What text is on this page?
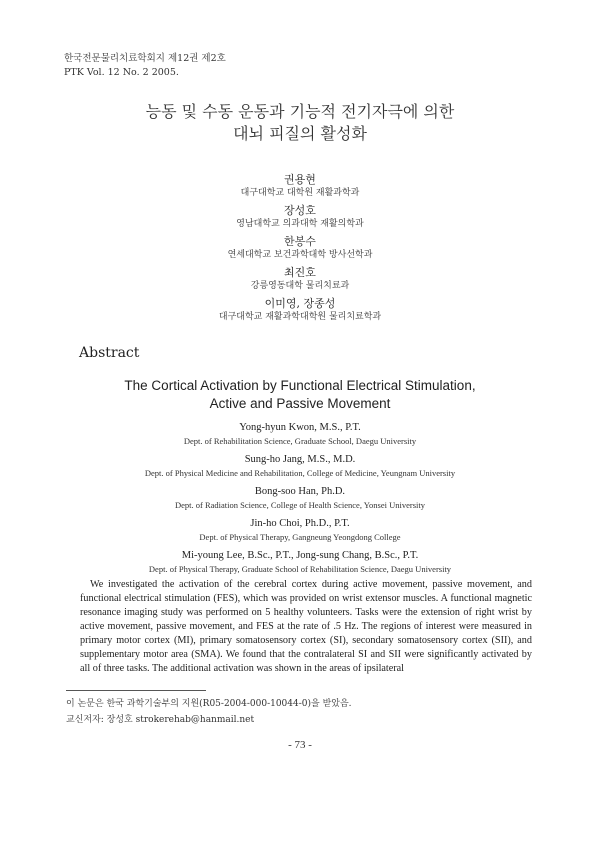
한국전문물리치료학회지 제12권 제2호
PTK Vol. 12 No. 2 2005.
능동 및 수동 운동과 기능적 전기자극에 의한
대뇌 피질의 활성화
권용현
대구대학교 대학원 재활과학과
장성호
영남대학교 의과대학 재활의학과
한봉수
연세대학교 보건과학대학 방사선학과
최진호
강릉영동대학 물리치료과
이미영, 장종성
대구대학교 재활과학대학원 물리치료학과
Abstract
The Cortical Activation by Functional Electrical Stimulation,
Active and Passive Movement
Yong-hyun Kwon, M.S., P.T.
Dept. of Rehabilitation Science, Graduate School, Daegu University
Sung-ho Jang, M.S., M.D.
Dept. of Physical Medicine and Rehabilitation, College of Medicine, Yeungnam University
Bong-soo Han, Ph.D.
Dept. of Radiation Science, College of Health Science, Yonsei University
Jin-ho Choi, Ph.D., P.T.
Dept. of Physical Therapy, Gangneung Yeongdong College
Mi-young Lee, B.Sc., P.T., Jong-sung Chang, B.Sc., P.T.
Dept. of Physical Therapy, Graduate School of Rehabilitation Science, Daegu University
We investigated the activation of the cerebral cortex during active movement, passive movement, and functional electrical stimulation (FES), which was provided on wrist extensor muscles. A functional magnetic resonance imaging study was performed on 5 healthy volunteers. Tasks were the extension of right wrist by active movement, passive movement, and FES at the rate of .5 Hz. The regions of interest were measured in primary motor cortex (MI), primary somatosensory cortex (SI), secondary somatosensory cortex (SII), and supplementary motor area (SMA). We found that the contralateral SI and SII were significantly activated by all of three tasks. The additional activation was shown in the areas of ipsilateral
이 논문은 한국 과학기술부의 지원(R05-2004-000-10044-0)을 받았음.
교신저자: 장성호 strokerehab@hanmail.net
- 73 -
